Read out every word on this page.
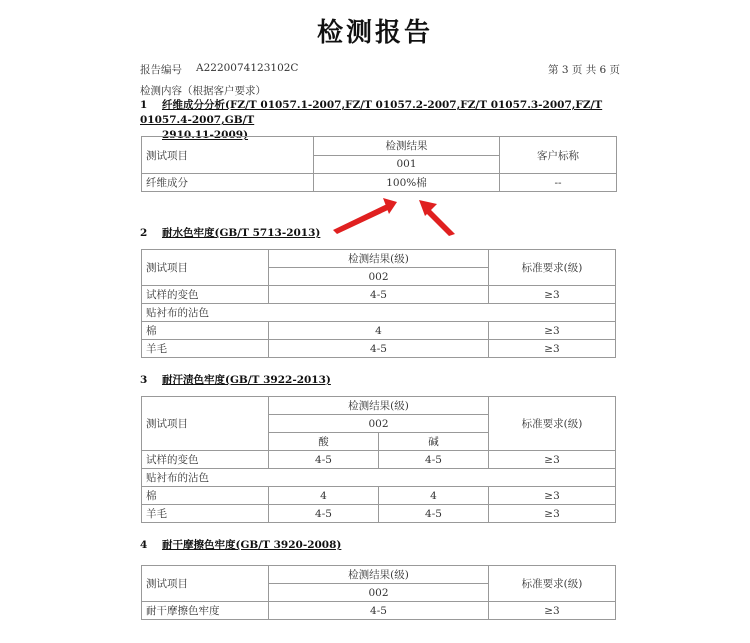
检测报告
报告编号 A2220074123102C	第 3 页 共 6 页
检测内容（根据客户要求）
1 纤维成分分析(FZ/T 01057.1-2007,FZ/T 01057.2-2007,FZ/T 01057.3-2007,FZ/T 01057.4-2007,GB/T
2910.11-2009)
测试项目	检测结果	客户标称
	001	
纤维成分	100%棉	--
2 耐水色牢度(GB/T 5713-2013)
测试项目	检测结果(级)	标准要求(级)
	002	
试样的变色	4-5	≥3
贴衬布的沾色		
棉	4	≥3
羊毛	4-5	≥3
3 耐汗渍色牢度(GB/T 3922-2013)
测试项目	检测结果(级)		标准要求(级)
	002		
	酸	碱	
试样的变色	4-5	4-5	≥3
贴衬布的沾色			
棉	4	4	≥3
羊毛	4-5	4-5	≥3
4 耐干摩擦色牢度(GB/T 3920-2008)
测试项目	检测结果(级)	标准要求(级)
	002	
耐干摩擦色牢度	4-5	≥3
